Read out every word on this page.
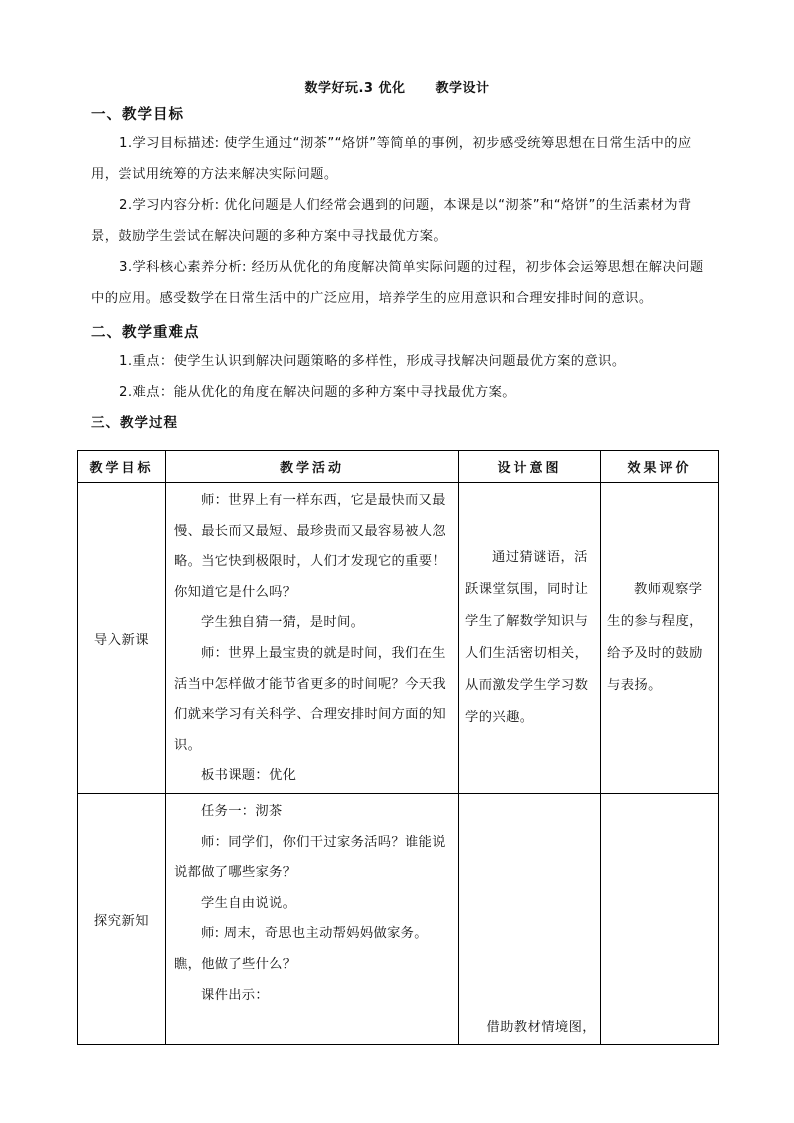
数学好玩.3 优化 教学设计
一、教学目标

1.学习目标描述: 使学生通过“沏茶”“烙饼”等简单的事例，初步感受统筹思想在日常生活中的应用，尝试用统筹的方法来解决实际问题。

2.学习内容分析: 优化问题是人们经常会遇到的问题，本课是以“沏茶”和“烙饼”的生活素材为背景，鼓励学生尝试在解决问题的多种方案中寻找最优方案。

3.学科核心素养分析: 经历从优化的角度解决简单实际问题的过程，初步体会运筹思想在解决问题中的应用。感受数学在日常生活中的广泛应用，培养学生的应用意识和合理安排时间的意识。

二、教学重难点

1.重点：使学生认识到解决问题策略的多样性，形成寻找解决问题最优方案的意识。

2.难点：能从优化的角度在解决问题的多种方案中寻找最优方案。

三、教学过程
教学目标	教学活动	设计意图	效果评价
导入新课	师：世界上有一样东西，它是最快而又最慢、最长而又最短、最珍贵而又最容易被人忽略。当它快到极限时，人们才发现它的重要！你知道它是什么吗？

学生独自猜一猜，是时间。

师：世界上最宝贵的就是时间，我们在生活当中怎样做才能节省更多的时间呢？今天我们就来学习有关科学、合理安排时间方面的知识。

板书课题：优化	通过猜谜语，活跃课堂氛围，同时让学生了解数学知识与人们生活密切相关，从而激发学生学习数学的兴趣。	教师观察学生的参与程度，给予及时的鼓励与表扬。

探究新知	任务一：沏茶

师：同学们，你们干过家务活吗？谁能说说都做了哪些家务？

学生自由说说。

师: 周末，奇思也主动帮妈妈做家务。瞧，他做了些什么？

课件出示：	借助教材情境图，	
